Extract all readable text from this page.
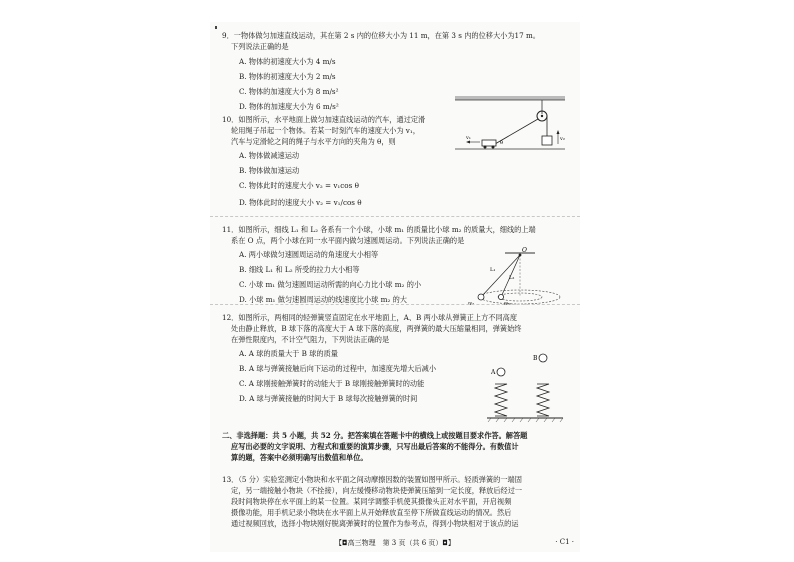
9．一物体做匀加速直线运动，其在第 2 s 内的位移大小为 11 m，在第 3 s 内的位移大小为17 m。

下列说法正确的是

A. 物体的初速度大小为 4 m/s

B. 物体的初速度大小为 2 m/s

C. 物体的加速度大小为 8 m/s²

D. 物体的加速度大小为 6 m/s²

10．如图所示，水平地面上做匀加速直线运动的汽车，通过定滑

轮用绳子吊起一个物体。若某一时刻汽车的速度大小为 v₁，

汽车与定滑轮之间的绳子与水平方向的夹角为 θ，则

A. 物体做减速运动

B. 物体做加速运动

C. 物体此时的速度大小 v₂ = v₁cos θ

D. 物体此时的速度大小 v₂ = v₁/cos θ

v₂
v₁
θ

11．如图所示，细线 L₁ 和 L₂ 各系有一个小球，小球 m₁ 的质量比小球 m₂ 的质量大，细线的上端

系在 O 点，两个小球在同一水平面内做匀速圆周运动。下列说法正确的是

A. 两小球做匀速圆周运动的角速度大小相等

B. 细线 L₁ 和 L₂ 所受的拉力大小相等

C. 小球 m₁ 做匀速圆周运动所需的向心力比小球 m₂ 的小

D. 小球 m₁ 做匀速圆周运动的线速度比小球 m₂ 的大

O
L₁
L₂
m₁	m₂

12．如图所示，两相同的轻弹簧竖直固定在水平地面上，A、B 两小球从弹簧正上方不同高度

处由静止释放，B 球下落的高度大于 A 球下落的高度，两弹簧的最大压缩量相同，弹簧始终

在弹性限度内，不计空气阻力，下列说法正确的是

A. A 球的质量大于 B 球的质量

B. A 球与弹簧接触后向下运动的过程中，加速度先增大后减小

C. A 球刚接触弹簧时的动能大于 B 球刚接触弹簧时的动能

D. A 球与弹簧接触的时间大于 B 球每次接触弹簧的时间

A
B

二、非选择题：共 5 小题，共 52 分。把答案填在答题卡中的横线上或按题目要求作答。解答题

应写出必要的文字说明、方程式和重要的演算步骤，只写出最后答案的不能得分。有数值计

算的题，答案中必须明确写出数值和单位。

13．（5 分）实验室测定小物块和水平面之间动摩擦因数的装置如图甲所示。轻质弹簧的一端固

定，另一端接触小物块（不拴接），向左缓慢移动物块使弹簧压缩到一定长度，释放后经过一

段时间物块停在水平面上的某一位置。某同学调整手机使其摄像头正对水平面，开启视频

摄像功能，用手机记录小物块在水平面上从开始释放直至停下所做直线运动的情况。然后

通过视频回放，选择小物块刚好脱离弹簧时的位置作为参考点，得到小物块相对于该点的运

【◘高三物理　第 3 页（共 6 页）◘】	· C1 ·
